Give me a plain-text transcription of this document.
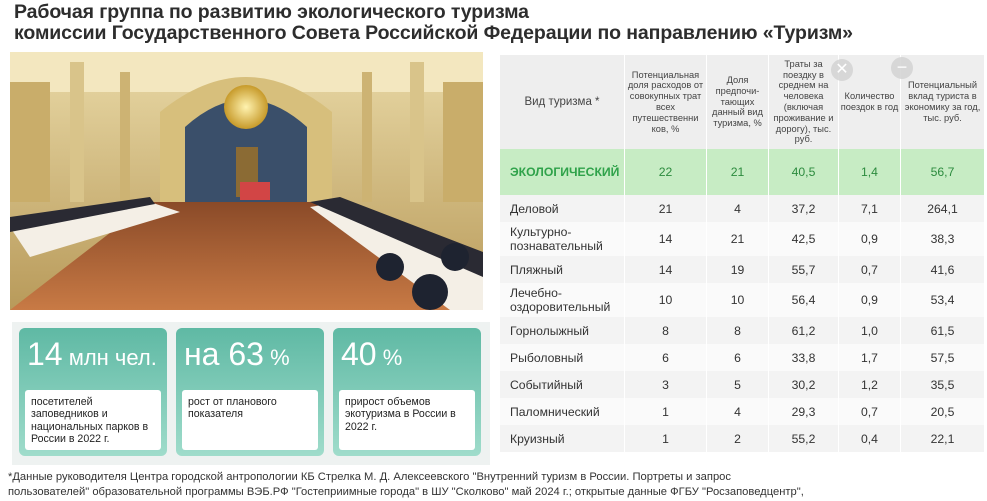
Рабочая группа по развитию экологического туризма
комиссии Государственного Совета Российской Федерации по направлению «Туризм»
14 млн чел.
посетителей заповедников и национальных парков в России в 2022 г.
на 63 %
рост от планового показателя
40 %
прирост объемов экотуризма в России в 2022 г.
Вид туризма *	Потенциальная доля расходов от совокупных трат всех путешественни ков, %	Доля предпочи-тающих данный вид туризма, %	Траты за поездку в среднем на человека (включая проживание и дорогу), тыс. руб.	Количество поездок в год	Потенциальный вклад туриста в экономику за год, тыс. руб.
ЭКОЛОГИЧЕСКИЙ	22	21	40,5	1,4	56,7
Деловой	21	4	37,2	7,1	264,1
Культурно-познавательный	14	21	42,5	0,9	38,3
Пляжный	14	19	55,7	0,7	41,6
Лечебно-оздоровительный	10	10	56,4	0,9	53,4
Горнолыжный	8	8	61,2	1,0	61,5
Рыболовный	6	6	33,8	1,7	57,5
Событийный	3	5	30,2	1,2	35,5
Паломнический	1	4	29,3	0,7	20,5
Круизный	1	2	55,2	0,4	22,1
✕	−
*Данные руководителя Центра городской антропологии КБ Стрелка М. Д. Алексеевского "Внутренний туризм в России. Портреты и запрос
пользователей" образовательной программы ВЭБ.РФ "Гостеприимные города" в ШУ "Сколково" май 2024 г.; открытые данные ФГБУ "Росзаповедцентр",
